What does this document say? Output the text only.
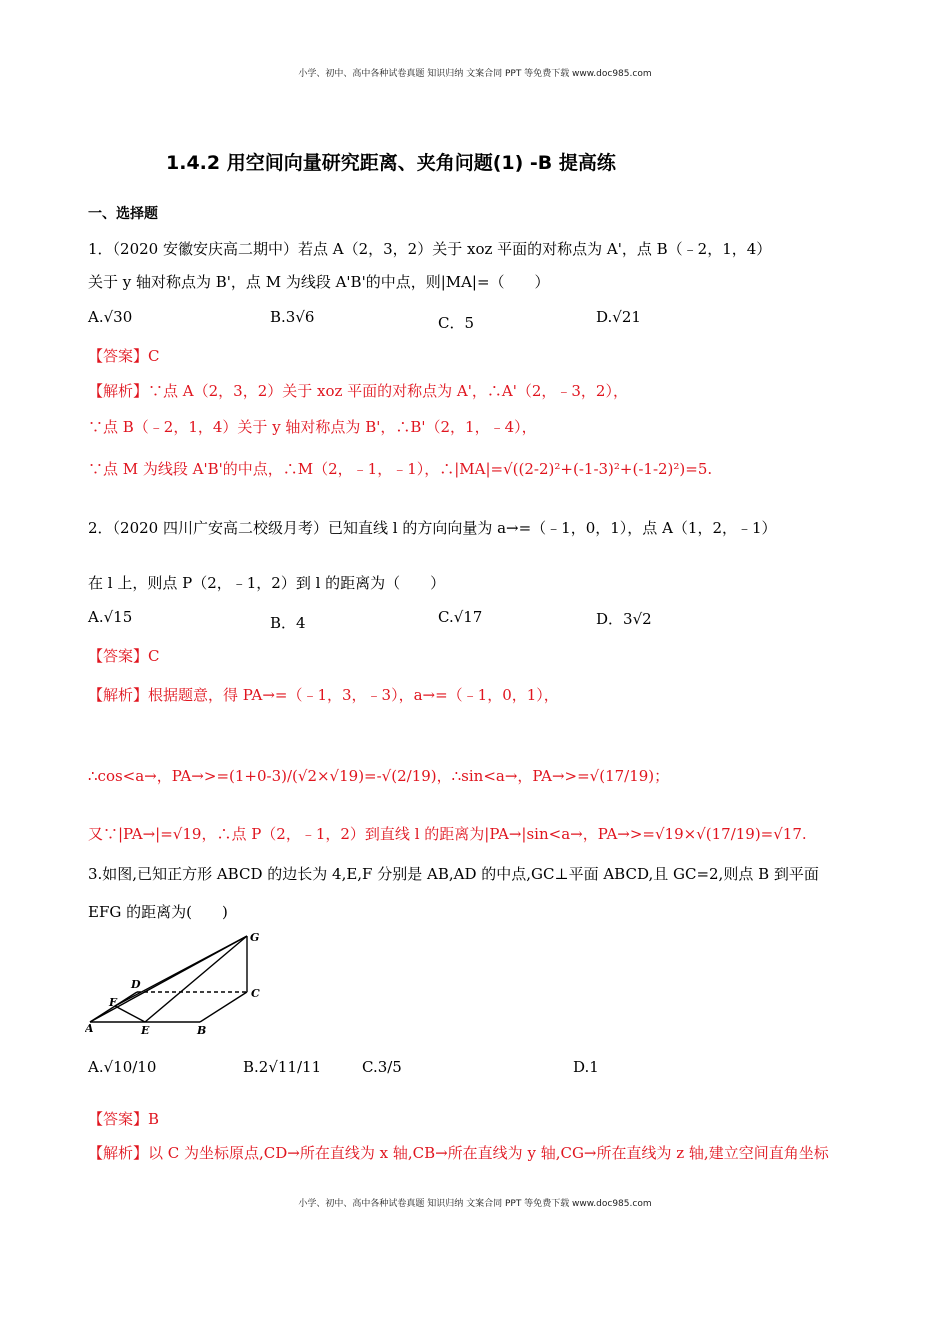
小学、初中、高中各种试卷真题 知识归纳 文案合同 PPT 等免费下载 www.doc985.com
小学、初中、高中各种试卷真题 知识归纳 文案合同 PPT 等免费下载 www.doc985.com
1.4.2 用空间向量研究距离、夹角问题(1) -B 提高练
一、选择题
1．（2020 安徽安庆高二期中）若点 A（2，3，2）关于 xoz 平面的对称点为 A'，点 B（﹣2，1，4）
关于 y 轴对称点为 B'，点 M 为线段 A'B'的中点，则|MA|=（　　）
A.√30	B.3√6	C．5	D.√21
【答案】C
【解析】∵点 A（2，3，2）关于 xoz 平面的对称点为 A'，∴A'（2，﹣3，2），
∵点 B（﹣2，1，4）关于 y 轴对称点为 B'，∴B'（2，1，﹣4），
∵点 M 为线段 A'B'的中点，∴M（2，﹣1，﹣1），∴|MA|=√((2-2)²+(-1-3)²+(-1-2)²)=5.
2．（2020 四川广安高二校级月考）已知直线 l 的方向向量为 a→=（﹣1，0，1），点 A（1，2，﹣1）
在 l 上，则点 P（2，﹣1，2）到 l 的距离为（　　）
A.√15	B．4	C.√17	D．3√2
【答案】C
【解析】根据题意，得 PA→=（﹣1，3，﹣3），a→=（﹣1，0，1），
∴cos<a→，PA→>=(1+0-3)/(√2×√19)=-√(2/19)，∴sin<a→，PA→>=√(17/19)；
又∵|PA→|=√19，∴点 P（2，﹣1，2）到直线 l 的距离为|PA→|sin<a→，PA→>=√19×√(17/19)=√17.
3.如图,已知正方形 ABCD 的边长为 4,E,F 分别是 AB,AD 的中点,GC⊥平面 ABCD,且 GC=2,则点 B 到平面
EFG 的距离为(　　)
G
D
C
F
A	E	B
A.√10/10	B.2√11/11	C.3/5	D.1
【答案】B
【解析】以 C 为坐标原点,CD→所在直线为 x 轴,CB→所在直线为 y 轴,CG→所在直线为 z 轴,建立空间直角坐标
